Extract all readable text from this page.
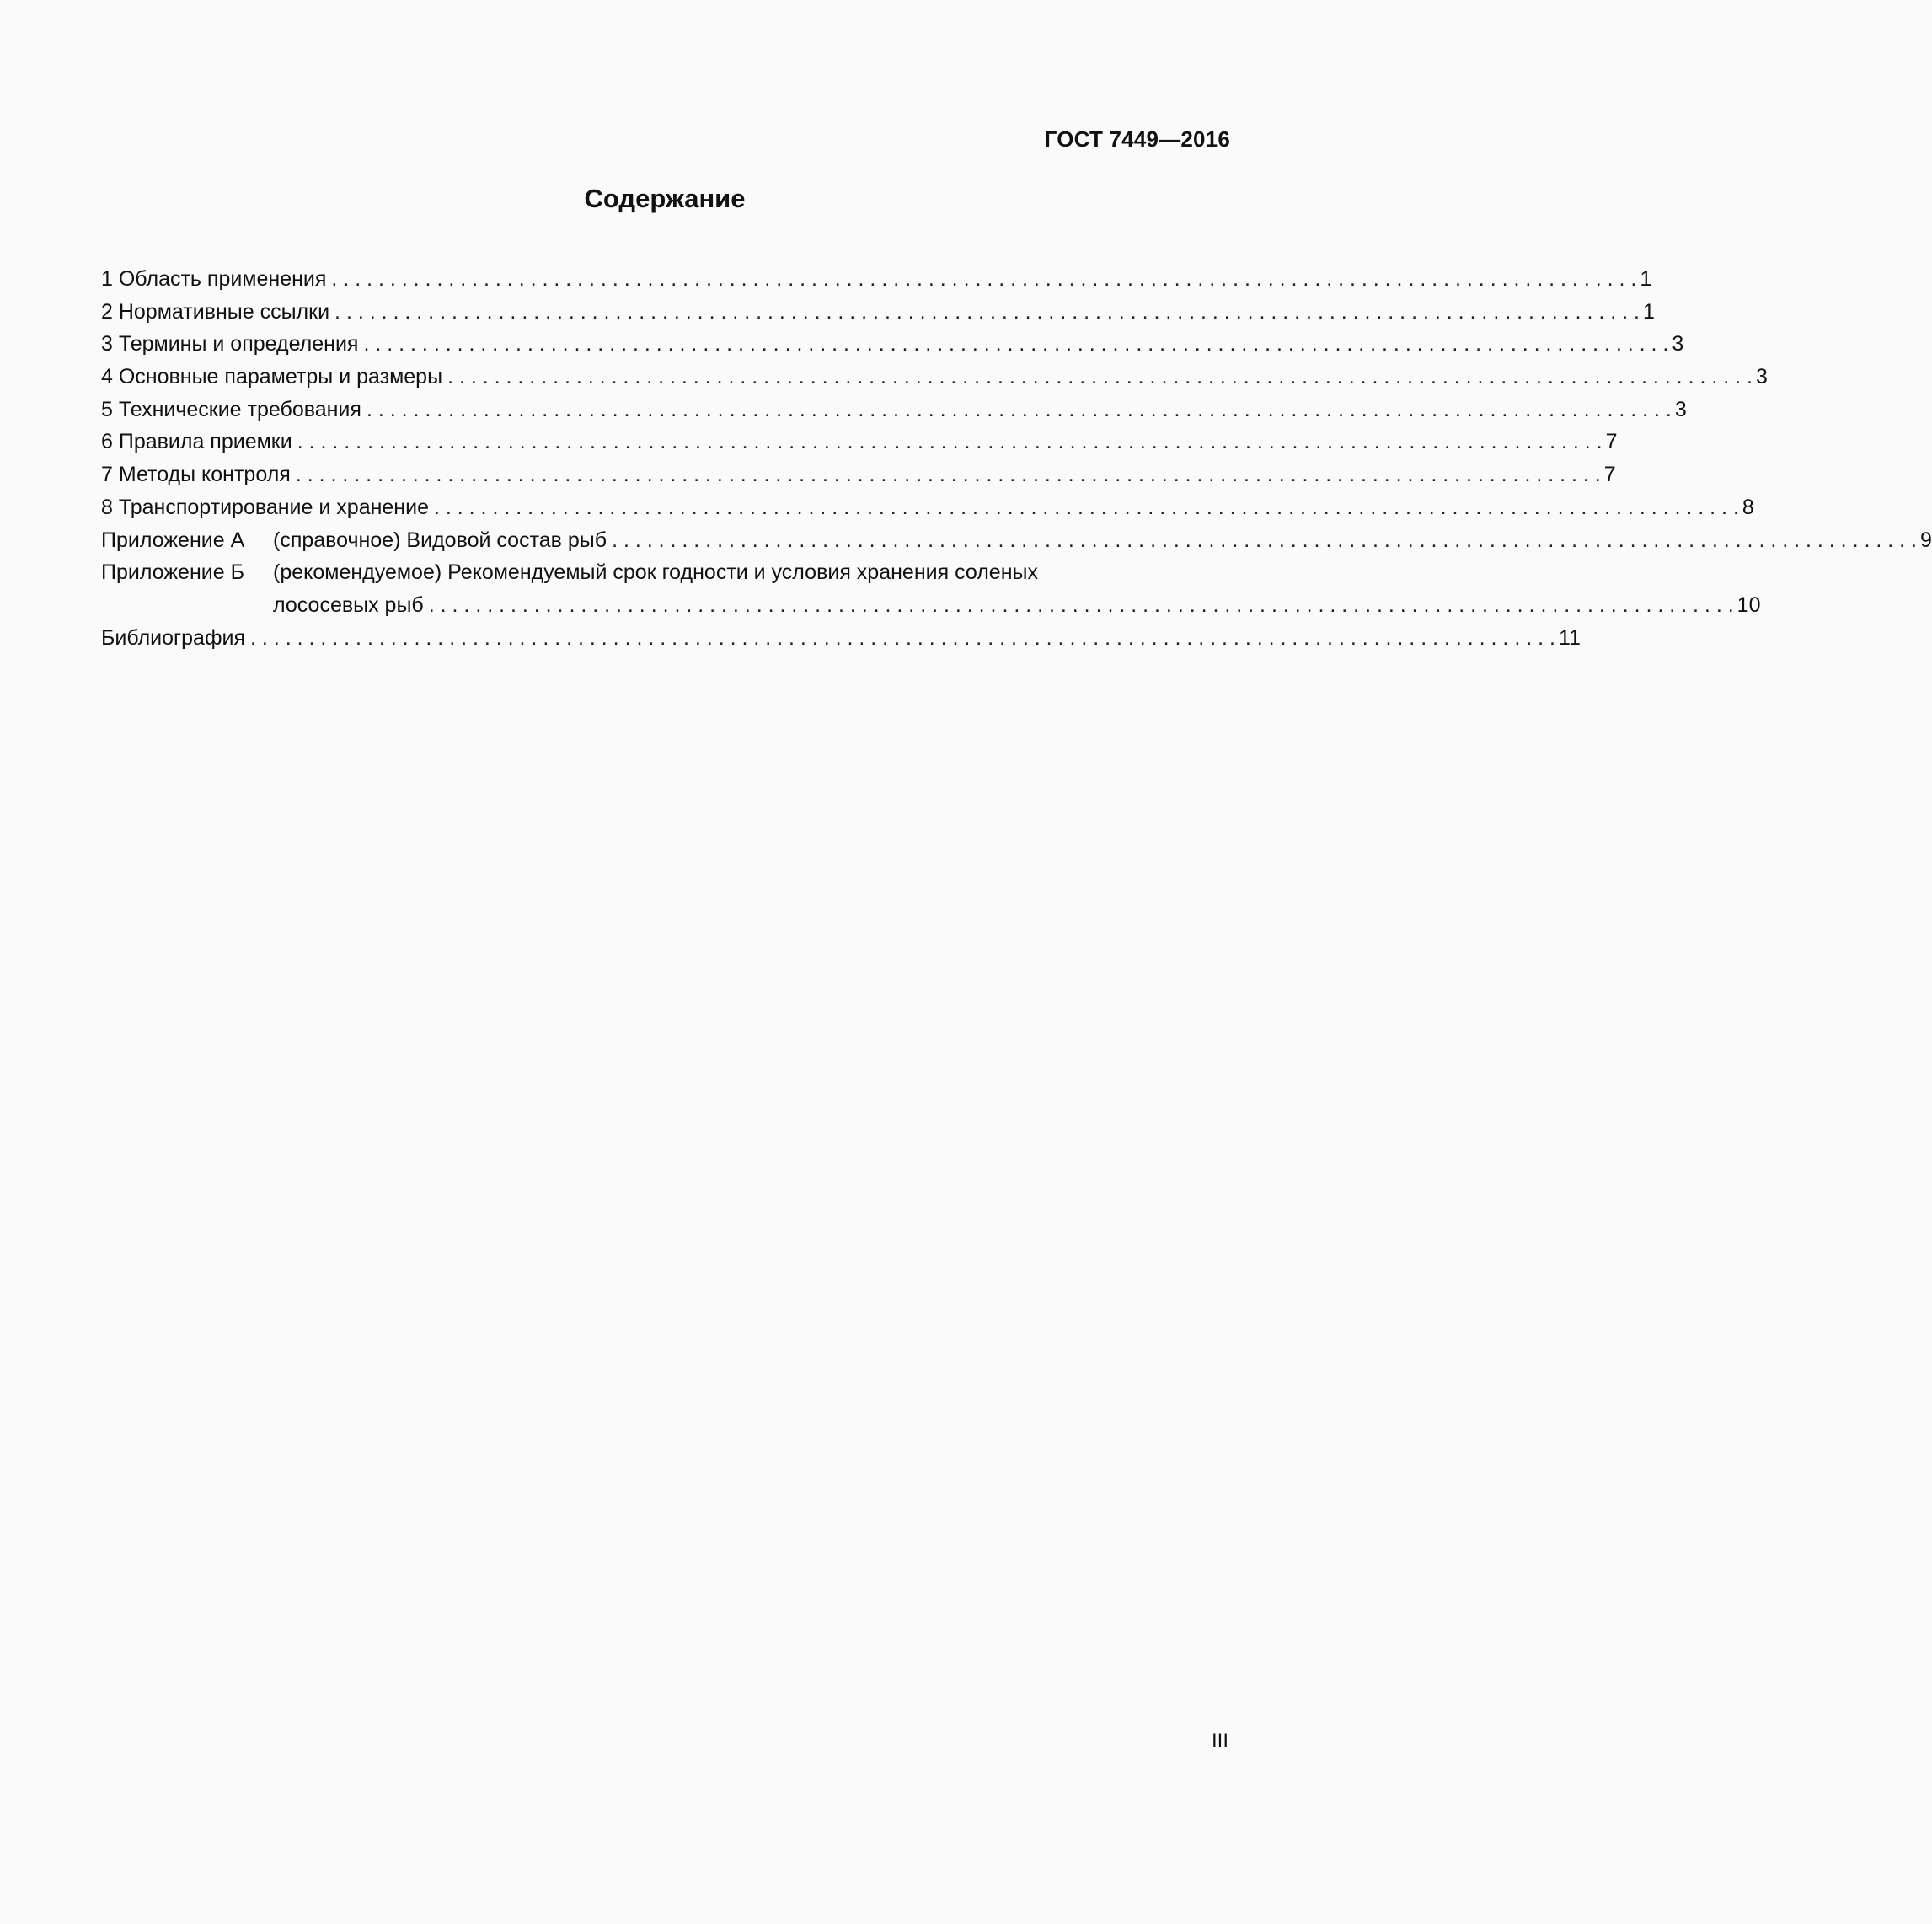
ГОСТ 7449—2016
Содержание
1 Область применения . . .	1
2 Нормативные ссылки . . .	1
3 Термины и определения . . .	3
4 Основные параметры и размеры . . .	3
5 Технические требования . . .	3
6 Правила приемки . . .	7
7 Методы контроля . . .	7
8 Транспортирование и хранение . . .	8
Приложение А (справочное) Видовой состав рыб . . .	9
Приложение Б	(рекомендуемое) Рекомендуемый срок годности и условия хранения соленых
лососевых рыб . . .	10
Библиография . . .	11
III
